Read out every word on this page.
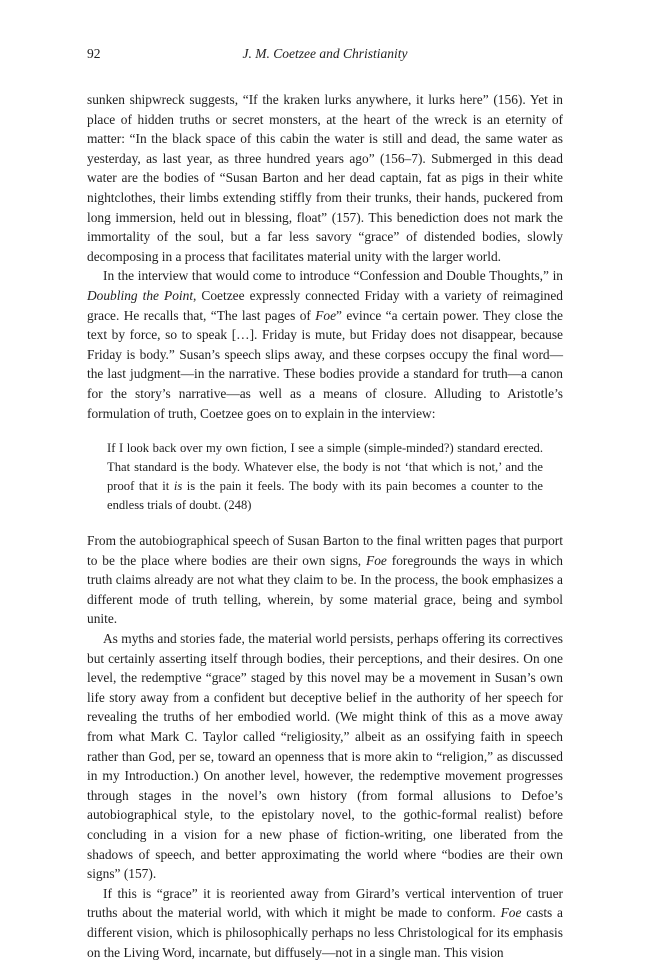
92	J. M. Coetzee and Christianity

sunken shipwreck suggests, “If the kraken lurks anywhere, it lurks here” (156). Yet in place of hidden truths or secret monsters, at the heart of the wreck is an eternity of matter: “In the black space of this cabin the water is still and dead, the same water as yesterday, as last year, as three hundred years ago” (156–7). Submerged in this dead water are the bodies of “Susan Barton and her dead captain, fat as pigs in their white nightclothes, their limbs extending stiffly from their trunks, their hands, puckered from long immersion, held out in blessing, float” (157). This benediction does not mark the immortality of the soul, but a far less savory “grace” of distended bodies, slowly decomposing in a process that facilitates material unity with the larger world.

In the interview that would come to introduce “Confession and Double Thoughts,” in Doubling the Point, Coetzee expressly connected Friday with a variety of reimagined grace. He recalls that, “The last pages of Foe” evince “a certain power. They close the text by force, so to speak […]. Friday is mute, but Friday does not disappear, because Friday is body.” Susan’s speech slips away, and these corpses occupy the final word—the last judgment—in the narrative. These bodies provide a standard for truth—a canon for the story’s narrative—as well as a means of closure. Alluding to Aristotle’s formulation of truth, Coetzee goes on to explain in the interview:

If I look back over my own fiction, I see a simple (simple-minded?) standard erected. That standard is the body. Whatever else, the body is not ‘that which is not,’ and the proof that it is is the pain it feels. The body with its pain becomes a counter to the endless trials of doubt. (248)

From the autobiographical speech of Susan Barton to the final written pages that purport to be the place where bodies are their own signs, Foe foregrounds the ways in which truth claims already are not what they claim to be. In the process, the book emphasizes a different mode of truth telling, wherein, by some material grace, being and symbol unite.

As myths and stories fade, the material world persists, perhaps offering its correctives but certainly asserting itself through bodies, their perceptions, and their desires. On one level, the redemptive “grace” staged by this novel may be a movement in Susan’s own life story away from a confident but deceptive belief in the authority of her speech for revealing the truths of her embodied world. (We might think of this as a move away from what Mark C. Taylor called “religiosity,” albeit as an ossifying faith in speech rather than God, per se, toward an openness that is more akin to “religion,” as discussed in my Introduction.) On another level, however, the redemptive movement progresses through stages in the novel’s own history (from formal allusions to Defoe’s autobiographical style, to the epistolary novel, to the gothic-formal realist) before concluding in a vision for a new phase of fiction-writing, one liberated from the shadows of speech, and better approximating the world where “bodies are their own signs” (157).

If this is “grace” it is reoriented away from Girard’s vertical intervention of truer truths about the material world, with which it might be made to conform. Foe casts a different vision, which is philosophically perhaps no less Christological for its emphasis on the Living Word, incarnate, but diffusely—not in a single man. This vision
